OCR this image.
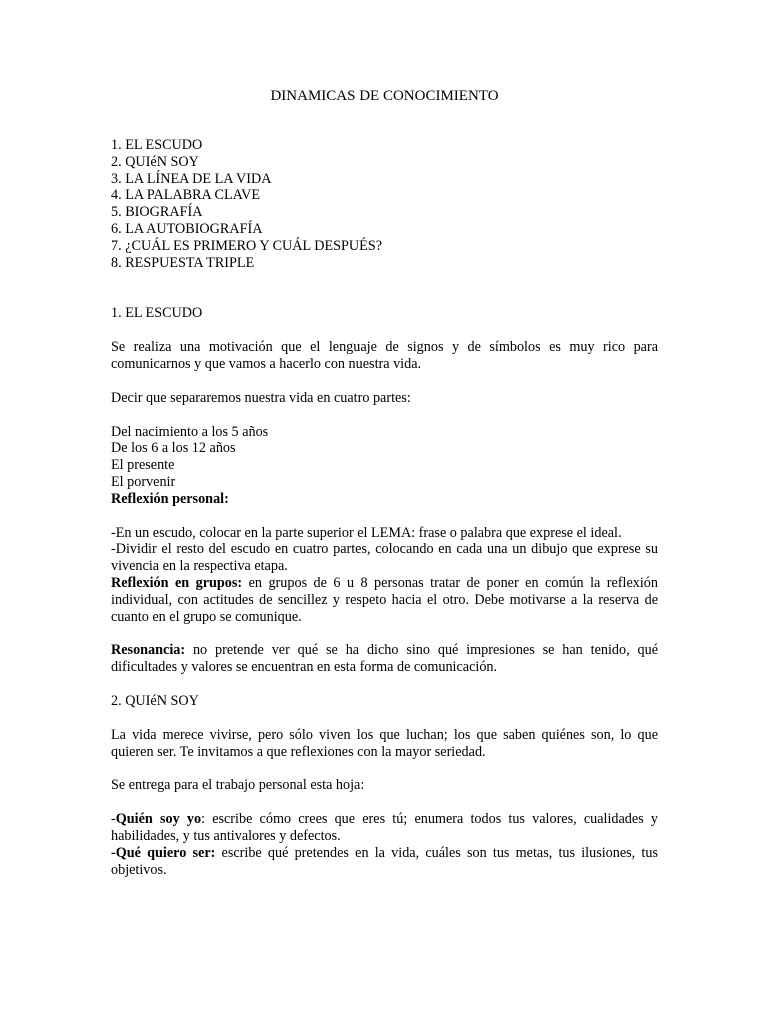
DINAMICAS DE CONOCIMIENTO

1. EL ESCUDO

2. QUIéN SOY

3. LA LÍNEA DE LA VIDA

4. LA PALABRA CLAVE

5. BIOGRAFÍA

6. LA AUTOBIOGRAFÍA

7. ¿CUÁL ES PRIMERO Y CUÁL DESPUÉS?

8. RESPUESTA TRIPLE

1. EL ESCUDO

Se realiza una motivación que el lenguaje de signos y de símbolos es muy rico para comunicarnos y que vamos a hacerlo con nuestra vida.

Decir que separaremos nuestra vida en cuatro partes:

Del nacimiento a los 5 años

De los 6 a los 12 años

El presente

El porvenir

Reflexión personal:

-En un escudo, colocar en la parte superior el LEMA: frase o palabra que exprese el ideal.

-Dividir el resto del escudo en cuatro partes, colocando en cada una un dibujo que exprese su vivencia en la respectiva etapa.

Reflexión en grupos: en grupos de 6 u 8 personas tratar de poner en común la reflexión individual, con actitudes de sencillez y respeto hacia el otro. Debe motivarse a la reserva de cuanto en el grupo se comunique.

Resonancia: no pretende ver qué se ha dicho sino qué impresiones se han tenido, qué dificultades y valores se encuentran en esta forma de comunicación.

2. QUIéN SOY

La vida merece vivirse, pero sólo viven los que luchan; los que saben quiénes son, lo que quieren ser. Te invitamos a que reflexiones con la mayor seriedad.

Se entrega para el trabajo personal esta hoja:

-Quién soy yo: escribe cómo crees que eres tú; enumera todos tus valores, cualidades y habilidades, y tus antivalores y defectos.

-Qué quiero ser: escribe qué pretendes en la vida, cuáles son tus metas, tus ilusiones, tus objetivos.
